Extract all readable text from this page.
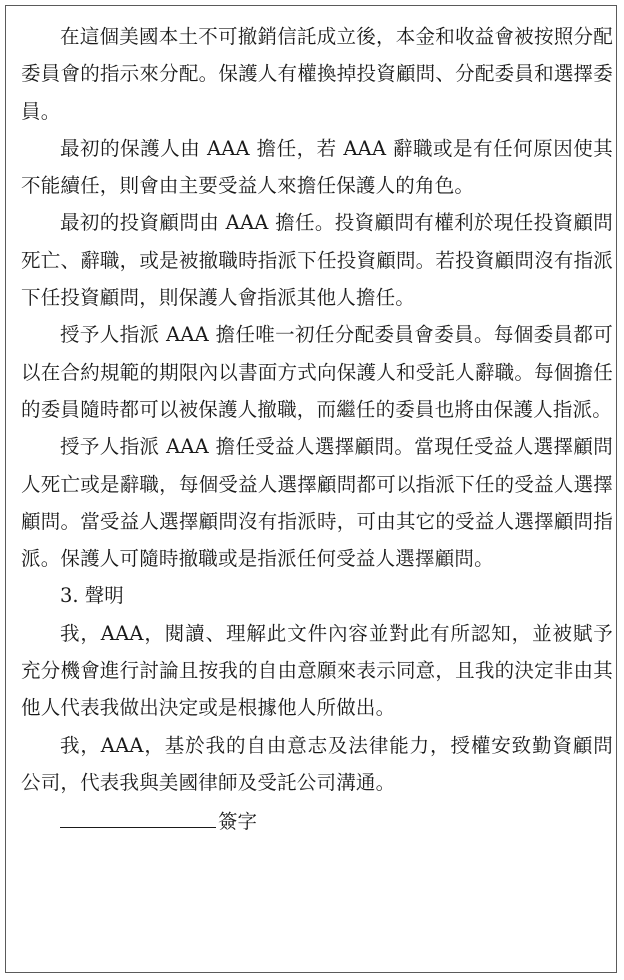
在這個美國本土不可撤銷信託成立後，本金和收益會被按照分配委員會的指示來分配。保護人有權換掉投資顧問、分配委員和選擇委員。

最初的保護人由 AAA 擔任，若 AAA 辭職或是有任何原因使其不能續任，則會由主要受益人來擔任保護人的角色。

最初的投資顧問由 AAA 擔任。投資顧問有權利於現任投資顧問死亡、辭職，或是被撤職時指派下任投資顧問。若投資顧問沒有指派下任投資顧問，則保護人會指派其他人擔任。

授予人指派 AAA 擔任唯一初任分配委員會委員。每個委員都可以在合約規範的期限內以書面方式向保護人和受託人辭職。每個擔任的委員隨時都可以被保護人撤職，而繼任的委員也將由保護人指派。

授予人指派 AAA 擔任受益人選擇顧問。當現任受益人選擇顧問人死亡或是辭職，每個受益人選擇顧問都可以指派下任的受益人選擇顧問。當受益人選擇顧問沒有指派時，可由其它的受益人選擇顧問指派。保護人可隨時撤職或是指派任何受益人選擇顧問。

3. 聲明

我，AAA，閱讀、理解此文件內容並對此有所認知，並被賦予充分機會進行討論且按我的自由意願來表示同意，且我的決定非由其他人代表我做出決定或是根據他人所做出。

我，AAA，基於我的自由意志及法律能力，授權安致勤資顧問公司，代表我與美國律師及受託公司溝通。

簽字
